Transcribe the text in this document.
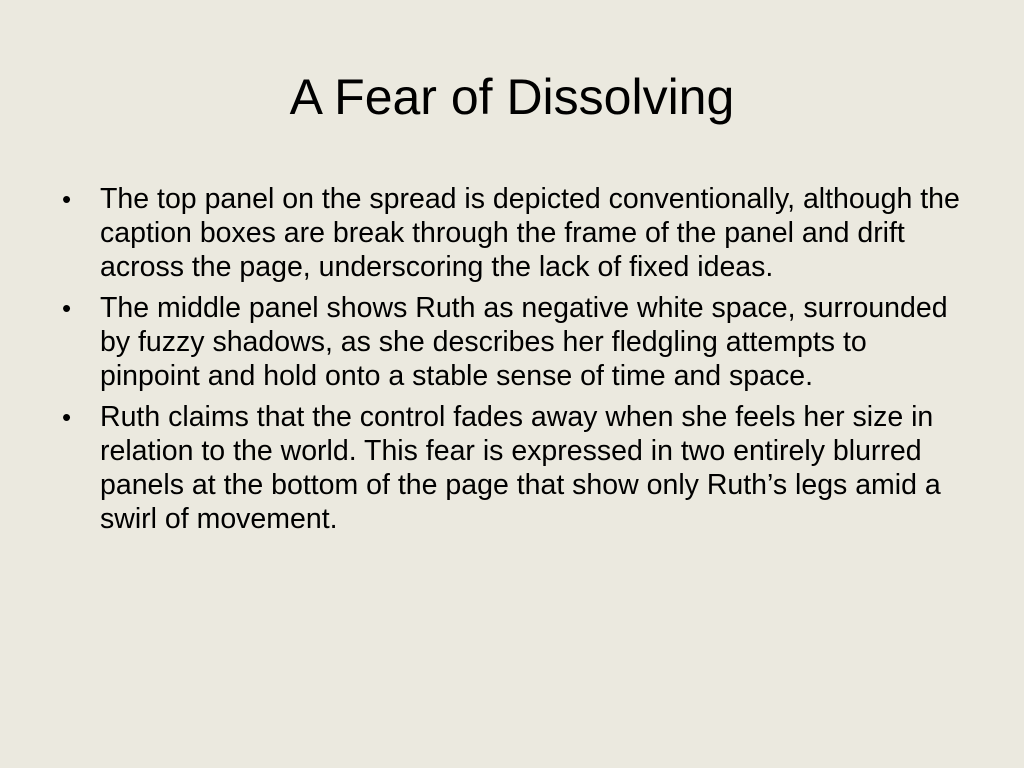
A Fear of Dissolving
•	The top panel on the spread is depicted conventionally, although the caption boxes are break through the frame of the panel and drift across the page, underscoring the lack of fixed ideas.
•	The middle panel shows Ruth as negative white space, surrounded by fuzzy shadows, as she describes her fledgling attempts to pinpoint and hold onto a stable sense of time and space.
•	Ruth claims that the control fades away when she feels her size in relation to the world. This fear is expressed in two entirely blurred panels at the bottom of the page that show only Ruth’s legs amid a swirl of movement.
